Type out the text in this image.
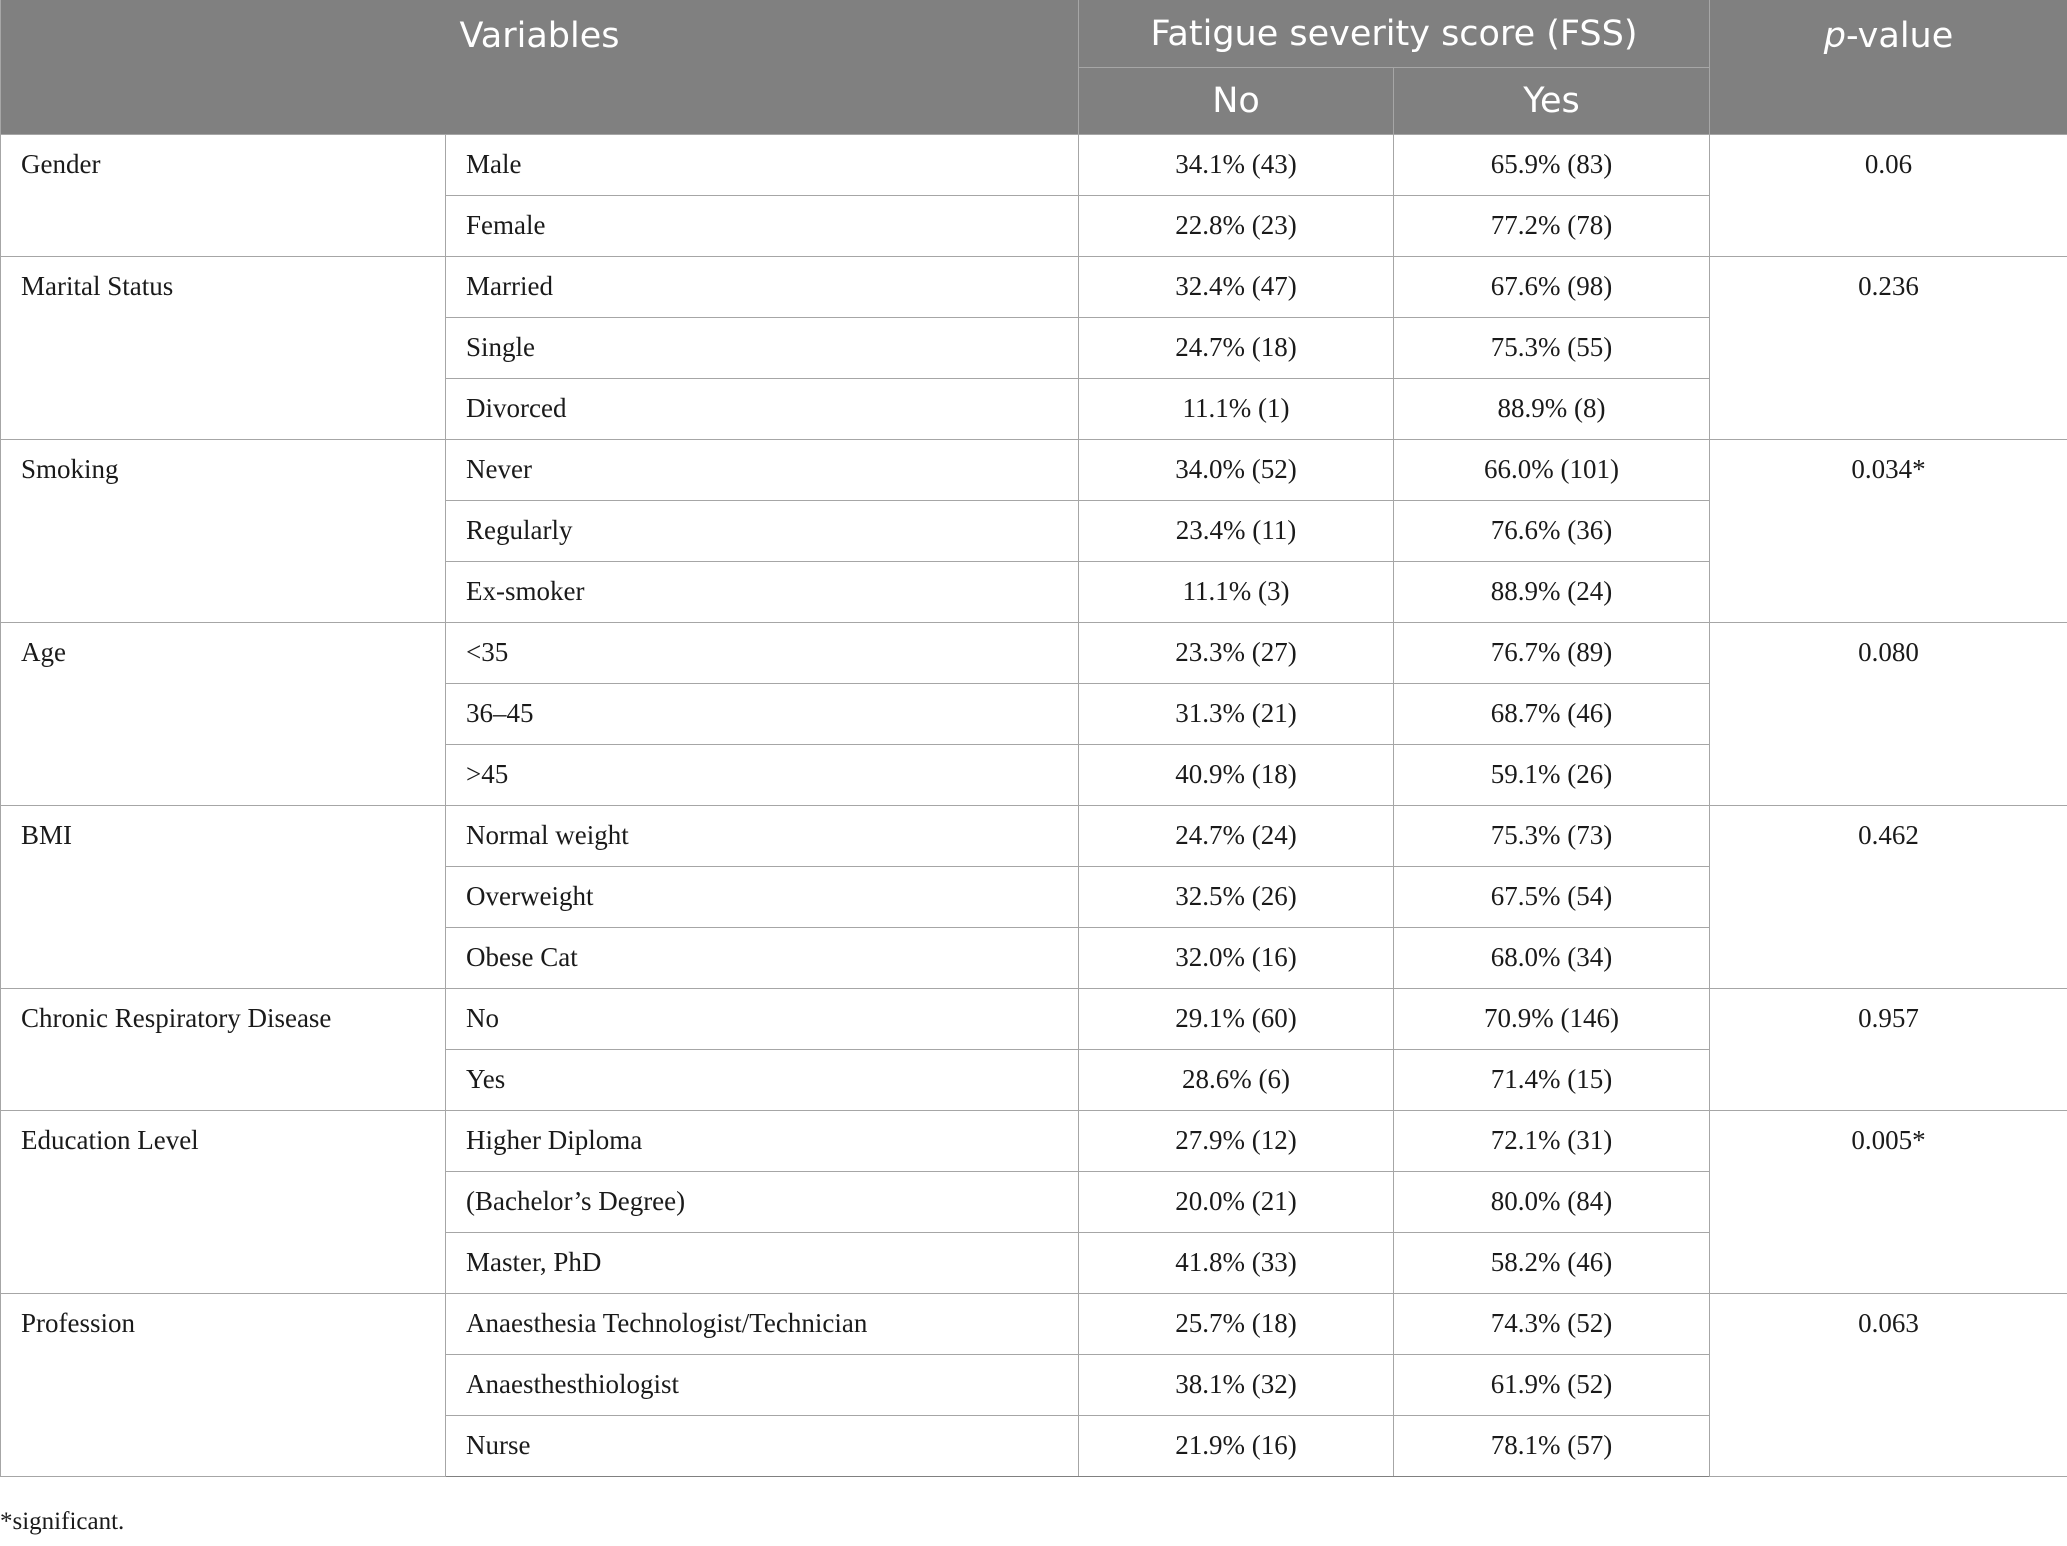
Variables		Fatigue severity score (FSS)		p-value
		No	Yes	

Gender	Male	34.1% (43)	65.9% (83)	0.06

	Female	22.8% (23)	77.2% (78)	

Marital Status	Married	32.4% (47)	67.6% (98)	0.236

	Single	24.7% (18)	75.3% (55)	

	Divorced	11.1% (1)	88.9% (8)	

Smoking	Never	34.0% (52)	66.0% (101)	0.034*

	Regularly	23.4% (11)	76.6% (36)	

	Ex-smoker	11.1% (3)	88.9% (24)	

Age	<35	23.3% (27)	76.7% (89)	0.080

	36–45	31.3% (21)	68.7% (46)	

	>45	40.9% (18)	59.1% (26)	

BMI	Normal weight	24.7% (24)	75.3% (73)	0.462

	Overweight	32.5% (26)	67.5% (54)	

	Obese Cat	32.0% (16)	68.0% (34)	

Chronic Respiratory Disease	No	29.1% (60)	70.9% (146)	0.957

	Yes	28.6% (6)	71.4% (15)	

Education Level	Higher Diploma	27.9% (12)	72.1% (31)	0.005*

	(Bachelor’s Degree)	20.0% (21)	80.0% (84)	

	Master, PhD	41.8% (33)	58.2% (46)	

Profession	Anaesthesia Technologist/Technician	25.7% (18)	74.3% (52)	0.063

	Anaesthesthiologist	38.1% (32)	61.9% (52)	

	Nurse	21.9% (16)	78.1% (57)	
*significant.
